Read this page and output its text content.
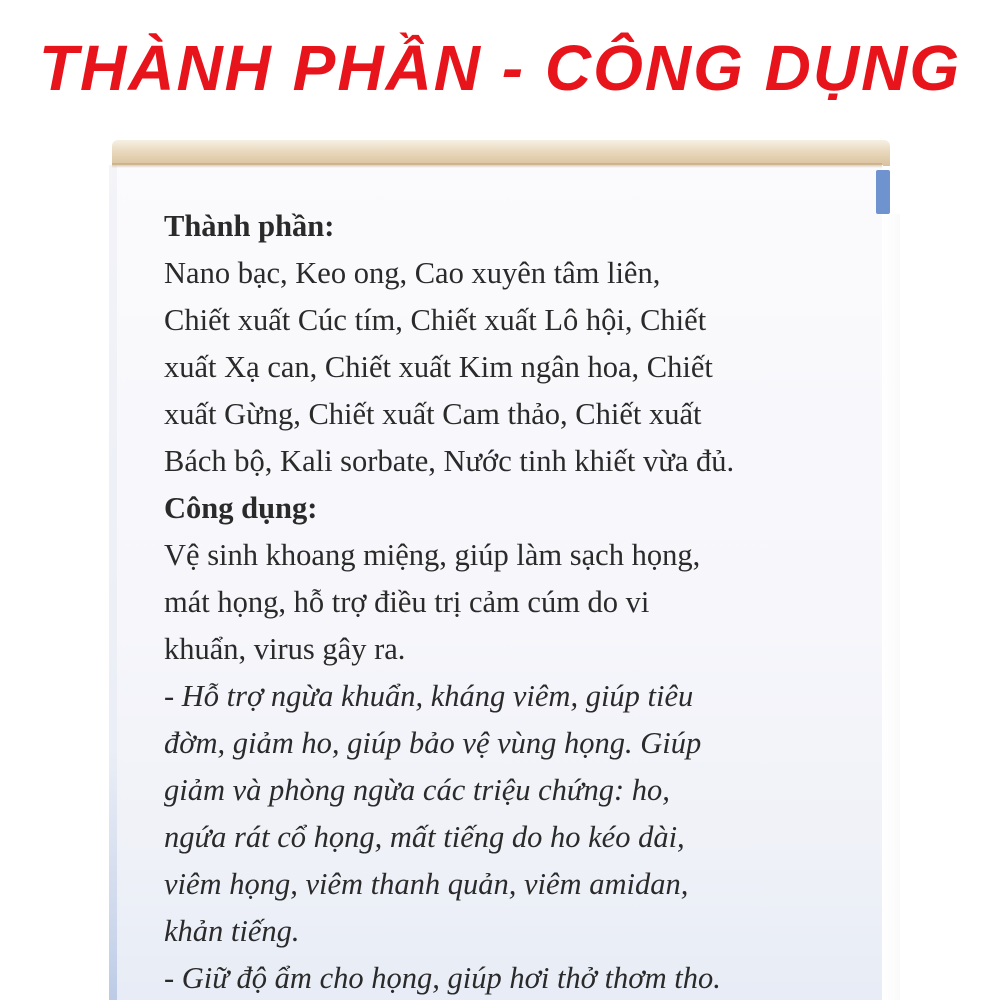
THÀNH PHẦN - CÔNG DỤNG

Thành phần:

Nano bạc, Keo ong, Cao xuyên tâm liên,

Chiết xuất Cúc tím, Chiết xuất Lô hội, Chiết

xuất Xạ can, Chiết xuất Kim ngân hoa, Chiết

xuất Gừng, Chiết xuất Cam thảo, Chiết xuất

Bách bộ, Kali sorbate, Nước tinh khiết vừa đủ.

Công dụng:

Vệ sinh khoang miệng, giúp làm sạch họng,

mát họng, hỗ trợ điều trị cảm cúm do vi

khuẩn, virus gây ra.

- Hỗ trợ ngừa khuẩn, kháng viêm, giúp tiêu

đờm, giảm ho, giúp bảo vệ vùng họng. Giúp

giảm và phòng ngừa các triệu chứng: ho,

ngứa rát cổ họng, mất tiếng do ho kéo dài,

viêm họng, viêm thanh quản, viêm amidan,

khản tiếng.

- Giữ độ ẩm cho họng, giúp hơi thở thơm tho.
